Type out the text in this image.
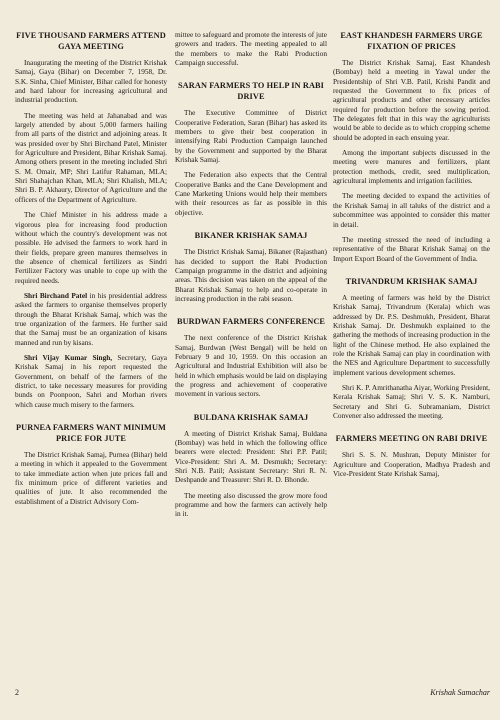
FIVE THOUSAND FARMERS ATTEND GAYA MEETING

Inaugurating the meeting of the District Krishak Samaj, Gaya (Bihar) on December 7, 1958, Dr. S.K. Sinha, Chief Minister, Bihar called for honesty and hard labour for increasing agricultural and industrial production.

The meeting was held at Jahanabad and was largely attended by about 5,000 farmers hailing from all parts of the district and adjoining areas. It was presided over by Shri Birchand Patel, Minister for Agriculture and President, Bihar Krishak Samaj. Among others present in the meeting included Shri S. M. Omair, MP; Shri Latifur Rahaman, MLA; Shri Shahajchan Khan, MLA; Shri Khalish, MLA; Shri B. P. Akhaury, Director of Agriculture and the officers of the Department of Agriculture.

The Chief Minister in his address made a vigorous plea for increasing food production without which the country's development was not possible. He advised the farmers to work hard in their fields, prepare green manures themselves in the absence of chemical fertilizers as Sindri Fertilizer Factory was unable to cope up with the required needs.

Shri Birchand Patel in his presidential address asked the farmers to organise themselves properly through the Bharat Krishak Samaj, which was the true organization of the farmers. He further said that the Samaj must be an organization of kisans manned and run by kisans.

Shri Vijay Kumar Singh, Secretary, Gaya Krishak Samaj in his report requested the Government, on behalf of the farmers of the district, to take necessary measures for providing bunds on Poonpoon, Sahri and Morhan rivers which cause much misery to the farmers.

PURNEA FARMERS WANT MINIMUM PRICE FOR JUTE

The District Krishak Samaj, Purnea (Bihar) held a meeting in which it appealed to the Government to take immediate action when jute prices fall and fix minimum price of different varieties and qualities of jute. It also recommended the establishment of a District Advisory Com-

mittee to safeguard and promote the interests of jute growers and traders. The meeting appealed to all the members to make the Rabi Production Campaign successful.

SARAN FARMERS TO HELP IN RABI DRIVE

The Executive Committee of District Cooperative Federation, Saran (Bihar) has asked its members to give their best cooperation in intensifying Rabi Production Campaign launched by the Government and supported by the Bharat Krishak Samaj.

The Federation also expects that the Central Cooperative Banks and the Cane Development and Cane Marketing Unions would help their members with their resources as far as possible in this objective.

BIKANER KRISHAK SAMAJ

The District Krishak Samaj, Bikaner (Rajasthan) has decided to support the Rabi Production Campaign programme in the district and adjoining areas. This decision was taken on the appeal of the Bharat Krishak Samaj to help and co-operate in increasing production in the rabi season.

BURDWAN FARMERS CONFERENCE

The next conference of the District Krishak Samaj, Burdwan (West Bengal) will be held on February 9 and 10, 1959. On this occasion an Agricultural and Industrial Exhibition will also be held in which emphasis would be laid on displaying the progress and achievement of cooperative movement in various sectors.

BULDANA KRISHAK SAMAJ

A meeting of District Krishak Samaj, Buldana (Bombay) was held in which the following office bearers were elected: President: Shri P.P. Patil; Vice-President: Shri A. M. Desmukh; Secretary: Shri N.B. Patil; Assistant Secretary: Shri R. N. Deshpande and Treasurer: Shri R. D. Bhonde.

The meeting also discussed the grow more food programme and how the farmers can actively help in it.

EAST KHANDESH FARMERS URGE FIXATION OF PRICES

The District Krishak Samaj, East Khandesh (Bombay) held a meeting in Yawal under the Presidentship of Shri V.B. Patil, Krishi Pandit and requested the Government to fix prices of agricultural products and other necessary articles required for production before the sowing period. The delegates felt that in this way the agriculturists would be able to decide as to which cropping scheme should be adopted in each ensuing year.

Among the important subjects discussed in the meeting were manures and fertilizers, plant protection methods, credit, seed multiplication, agricultural implements and irrigation facilities.

The meeting decided to expand the activities of the Krishak Samaj in all taluks of the district and a subcommittee was appointed to consider this matter in detail.

The meeting stressed the need of including a representative of the Bharat Krishak Samaj on the Import Export Board of the Government of India.

TRIVANDRUM KRISHAK SAMAJ

A meeting of farmers was held by the District Krishak Samaj, Trivandrum (Kerala) which was addressed by Dr. P.S. Deshmukh, President, Bharat Krishak Samaj. Dr. Deshmukh explained to the gathering the methods of increasing production in the light of the Chinese method. He also explained the role the Krishak Samaj can play in coordination with the NES and Agriculture Department to successfully implement various development schemes.

Shri K. P. Amrithanatha Aiyar, Working President, Kerala Krishak Samaj; Shri V. S. K. Namburi, Secretary and Shri G. Subramaniam, District Convener also addressed the meeting.

FARMERS MEETING ON RABI DRIVE

Shri S. S. N. Mushran, Deputy Minister for Agriculture and Cooperation, Madhya Pradesh and Vice-President State Krishak Samaj,

2	Krishak Samachar
